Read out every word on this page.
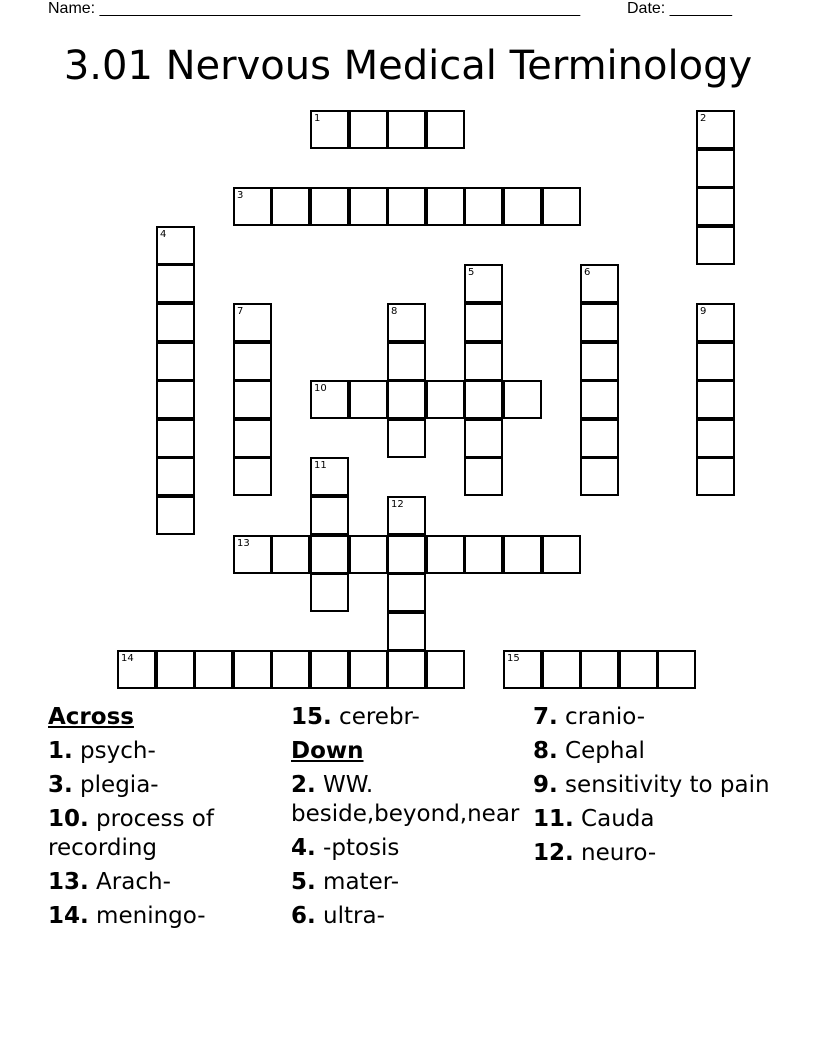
Name: ______________________________________________________	Date: _______
3.01 Nervous Medical Terminology
1	2
3
4
5	6
7	8	9
10
11
12
13
14	15
Across
1. psych-
3. plegia-
10. process of recording
13. Arach-
14. meningo-
15. cerebr-
Down
2. WW. beside,beyond,near
4. -ptosis
5. mater-
6. ultra-
7. cranio-
8. Cephal
9. sensitivity to pain
11. Cauda
12. neuro-
